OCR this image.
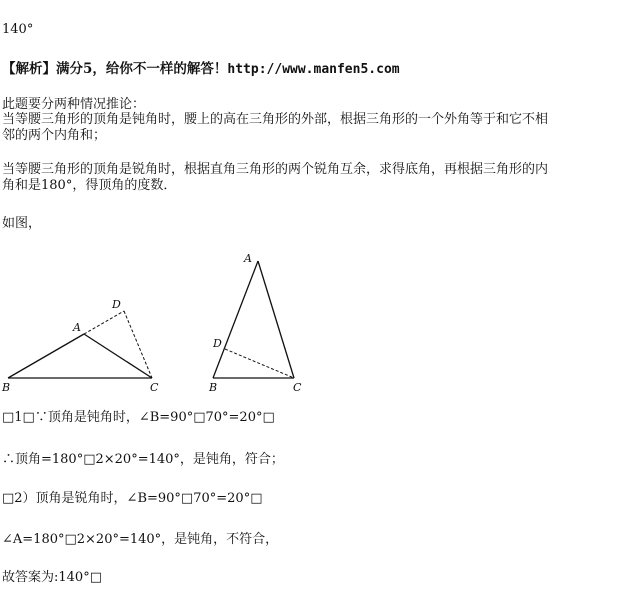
140°
【解析】满分5，给你不一样的解答！http://www.manfen5.com
此题要分两种情况推论：
当等腰三角形的顶角是钝角时，腰上的高在三角形的外部，根据三角形的一个外角等于和它不相
邻的两个内角和；
当等腰三角形的顶角是锐角时，根据直角三角形的两个锐角互余，求得底角，再根据三角形的内
角和是180°，得顶角的度数．
如图，
A
B	C
D
A
B	C
D
□1□∵顶角是钝角时，∠B=90°□70°=20°□
∴顶角=180°□2×20°=140°，是钝角，符合；
□2）顶角是锐角时，∠B=90°□70°=20°□
∠A=180°□2×20°=140°，是钝角，不符合，
故答案为:140°□
